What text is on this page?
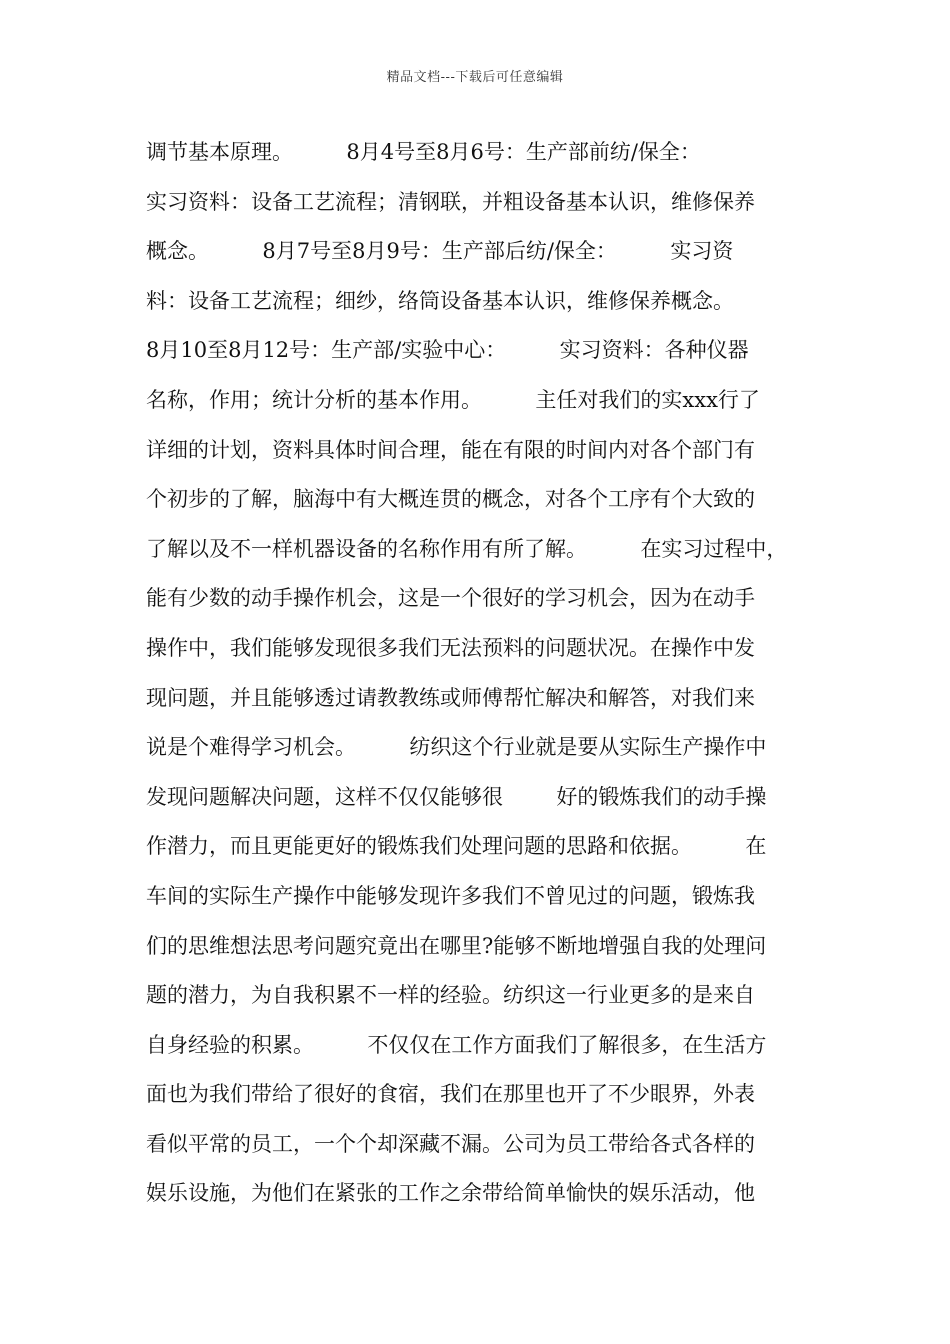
精品文档---下载后可任意编辑
调节基本原理。        8月4号至8月6号：生产部前纺/保全：
实习资料：设备工艺流程；清钢联，并粗设备基本认识，维修保养
概念。        8月7号至8月9号：生产部后纺/保全：        实习资
料：设备工艺流程；细纱，络筒设备基本认识，维修保养概念。
8月10至8月12号：生产部/实验中心：        实习资料：各种仪器
名称，作用；统计分析的基本作用。        主任对我们的实xxx行了
详细的计划，资料具体时间合理，能在有限的时间内对各个部门有
个初步的了解，脑海中有大概连贯的概念，对各个工序有个大致的
了解以及不一样机器设备的名称作用有所了解。        在实习过程中，
能有少数的动手操作机会，这是一个很好的学习机会，因为在动手
操作中，我们能够发现很多我们无法预料的问题状况。在操作中发
现问题，并且能够透过请教教练或师傅帮忙解决和解答，对我们来
说是个难得学习机会。        纺织这个行业就是要从实际生产操作中
发现问题解决问题，这样不仅仅能够很        好的锻炼我们的动手操
作潜力，而且更能更好的锻炼我们处理问题的思路和依据。        在
车间的实际生产操作中能够发现许多我们不曾见过的问题，锻炼我
们的思维想法思考问题究竟出在哪里?能够不断地增强自我的处理问
题的潜力，为自我积累不一样的经验。纺织这一行业更多的是来自
自身经验的积累。        不仅仅在工作方面我们了解很多，在生活方
面也为我们带给了很好的食宿，我们在那里也开了不少眼界，外表
看似平常的员工，一个个却深藏不漏。公司为员工带给各式各样的
娱乐设施，为他们在紧张的工作之余带给简单愉快的娱乐活动，他
